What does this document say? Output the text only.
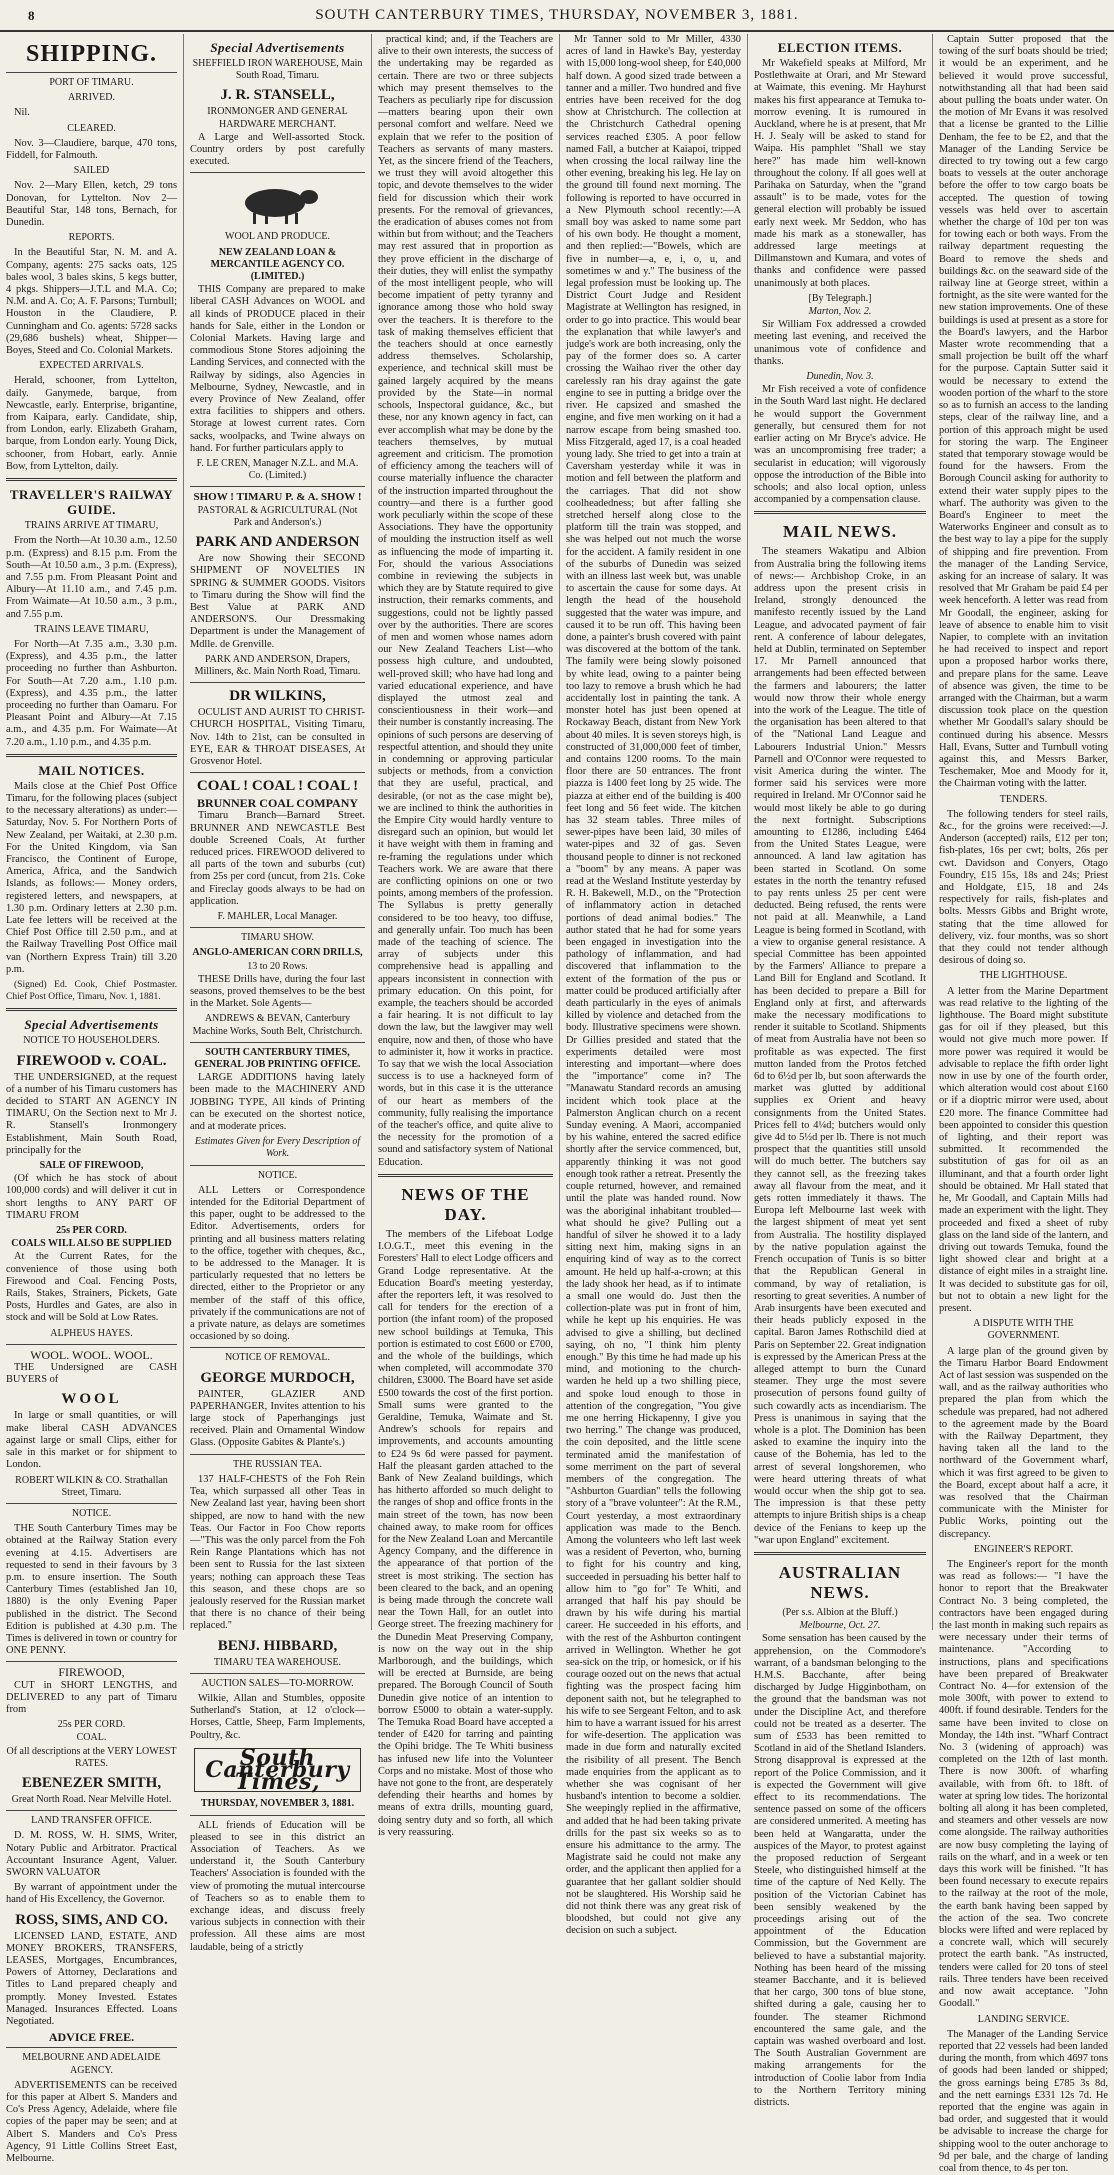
8	SOUTH CANTERBURY TIMES, THURSDAY, NOVEMBER 3, 1881.
SHIPPING.
PORT OF TIMARU.
ARRIVED.

Nil.

CLEARED.

Nov. 3—Claudiere, barque, 470 tons, Fiddell, for Falmouth.

SAILED

Nov. 2—Mary Ellen, ketch, 29 tons Donovan, for Lyttelton. Nov 2—Beautiful Star, 148 tons, Bernach, for Dunedin.

REPORTS.

In the Beautiful Star, N. M. and A. Company, agents: 275 sacks oats, 125 bales wool, 3 bales skins, 5 kegs butter, 4 pkgs. Shippers—J.T.L and M.A. Co; N.M. and A. Co; A. F. Parsons; Turnbull; Houston in the Claudiere, P. Cunningham and Co. agents: 5728 sacks (29,686 bushels) wheat, Shipper—Boyes, Steed and Co. Colonial Markets.

EXPECTED ARRIVALS.

Herald, schooner, from Lyttelton, daily. Ganymede, barque, from Newcastle, early. Enterprise, brigantine, from Kaipara, early. Candidate, ship, from London, early. Elizabeth Graham, barque, from London early. Young Dick, schooner, from Hobart, early. Annie Bow, from Lyttelton, daily.

TRAVELLER'S RAILWAY GUIDE.
TRAINS ARRIVE AT TIMARU,

From the North—At 10.30 a.m., 12.50 p.m. (Express) and 8.15 p.m. From the South—At 10.50 a.m., 3 p.m. (Express), and 7.55 p.m. From Pleasant Point and Albury—At 11.10 a.m., and 7.45 p.m. From Waimate—At 10.50 a.m., 3 p.m., and 7.55 p.m.

TRAINS LEAVE TIMARU,

For North—At 7.35 a.m., 3.30 p.m. (Express), and 4.35 p.m., the latter proceeding no further than Ashburton. For South—At 7.20 a.m., 1.10 p.m. (Express), and 4.35 p.m., the latter proceeding no further than Oamaru. For Pleasant Point and Albury—At 7.15 a.m., and 4.35 p.m. For Waimate—At 7.20 a.m., 1.10 p.m., and 4.35 p.m.

MAIL NOTICES.

Mails close at the Chief Post Office Timaru, for the following places (subject to the necessary alterations) as under:— Saturday, Nov. 5. For Northern Ports of New Zealand, per Waitaki, at 2.30 p.m. For the United Kingdom, via San Francisco, the Continent of Europe, America, Africa, and the Sandwich Islands, as follows:— Money orders, registered letters, and newspapers, at 1.30 p.m. Ordinary letters at 2.30 p.m. Late fee letters will be received at the Chief Post Office till 2.50 p.m., and at the Railway Travelling Post Office mail van (Northern Express Train) till 3.20 p.m.

(Signed) Ed. Cook, Chief Postmaster. Chief Post Office, Timaru, Nov. 1, 1881.

Special Advertisements
NOTICE TO HOUSEHOLDERS.
FIREWOOD v. COAL.

THE UNDERSIGNED, at the request of a number of his Timaru customers has decided to START AN AGENCY IN TIMARU, On the Section next to Mr J. R. Stansell's Ironmongery Establishment, Main South Road, principally for the

SALE OF FIREWOOD,

(Of which he has stock of about 100,000 cords) and will deliver it cut in short lengths to ANY PART OF TIMARU FROM

25s PER CORD.
COALS WILL ALSO BE SUPPLIED

At the Current Rates, for the convenience of those using both Firewood and Coal. Fencing Posts, Rails, Stakes, Strainers, Pickets, Gate Posts, Hurdles and Gates, are also in stock and will be Sold at Low Rates.

ALPHEUS HAYES.
WOOL. WOOL. WOOL.

THE Undersigned are CASH BUYERS of

WOOL

In large or small quantities, or will make liberal CASH ADVANCES against large or small Clips, either for sale in this market or for shipment to London.

ROBERT WILKIN & CO. Strathallan Street, Timaru.
NOTICE.

THE South Canterbury Times may be obtained at the Railway Station every evening at 4.15. Advertisers are requested to send in their favours by 3 p.m. to ensure insertion. The South Canterbury Times (established Jan 10, 1880) is the only Evening Paper published in the district. The Second Edition is published at 4.30 p.m. The Times is delivered in town or country for ONE PENNY.

FIREWOOD,

CUT in SHORT LENGTHS, and DELIVERED to any part of Timaru from

25s PER CORD.
COAL.
Of all descriptions at the VERY LOWEST RATES.
EBENEZER SMITH,
Great North Road. Near Melville Hotel.
LAND TRANSFER OFFICE.

D. M. ROSS, W. H. SIMS, Writer, Notary Public and Arbitrator. Practical Accountant Insurance Agent, Valuer. SWORN VALUATOR

By warrant of appointment under the hand of His Excellency, the Governor.

ROSS, SIMS, AND CO.

LICENSED LAND, ESTATE, AND MONEY BROKERS, TRANSFERS, LEASES, Mortgages, Encumbrances, Powers of Attorney, Declarations and Titles to Land prepared cheaply and promptly. Money Invested. Estates Managed. Insurances Effected. Loans Negotiated.

ADVICE FREE.
MELBOURNE AND ADELAIDE AGENCY.

ADVERTISEMENTS can be received for this paper at Albert S. Manders and Co's Press Agency, Adelaide, where file copies of the paper may be seen; and at Albert S. Manders and Co's Press Agency, 91 Little Collins Street East, Melbourne.

Special Advertisements
SHEFFIELD IRON WAREHOUSE, Main South Road, Timaru.
J. R. STANSELL,
IRONMONGER AND GENERAL HARDWARE MERCHANT.

A Large and Well-assorted Stock. Country orders by post carefully executed.

WOOL AND PRODUCE.
NEW ZEALAND LOAN & MERCANTILE AGENCY CO. (LIMITED.)

THIS Company are prepared to make liberal CASH Advances on WOOL and all kinds of PRODUCE placed in their hands for Sale, either in the London or Colonial Markets. Having large and commodious Stone Stores adjoining the Landing Services, and connected with the Railway by sidings, also Agencies in Melbourne, Sydney, Newcastle, and in every Province of New Zealand, offer extra facilities to shippers and others. Storage at lowest current rates. Corn sacks, woolpacks, and Twine always on hand. For further particulars apply to

F. LE CREN, Manager N.Z.L. and M.A. Co. (Limited.)
SHOW ! TIMARU P. & A. SHOW !
PASTORAL & AGRICULTURAL (Not Park and Anderson's.)
PARK AND ANDERSON

Are now Showing their SECOND SHIPMENT OF NOVELTIES IN SPRING & SUMMER GOODS. Visitors to Timaru during the Show will find the Best Value at PARK AND ANDERSON'S. Our Dressmaking Department is under the Management of Mdlle. de Grenville.

PARK AND ANDERSON, Drapers, Milliners, &c. Main North Road, Timaru.
DR WILKINS,

OCULIST AND AURIST TO CHRIST-CHURCH HOSPITAL, Visiting Timaru, Nov. 14th to 21st, can be consulted in EYE, EAR & THROAT DISEASES, At Grosvenor Hotel.

COAL ! COAL ! COAL !
BRUNNER COAL COMPANY

Timaru Branch—Barnard Street. BRUNNER AND NEWCASTLE Best double Screened Coals, At further reduced prices. FIREWOOD delivered to all parts of the town and suburbs (cut) from 25s per cord (uncut, from 21s. Coke and Fireclay goods always to be had on application.

F. MAHLER, Local Manager.
TIMARU SHOW.
ANGLO-AMERICAN CORN DRILLS,
13 to 20 Rows.

THESE Drills have, during the four last seasons, proved themselves to be the best in the Market. Sole Agents—

ANDREWS & BEVAN, Canterbury Machine Works, South Belt, Christchurch.
SOUTH CANTERBURY TIMES, GENERAL JOB PRINTING OFFICE.

LARGE ADDITIONS having lately been made to the MACHINERY AND JOBBING TYPE, All kinds of Printing can be executed on the shortest notice, and at moderate prices.

Estimates Given for Every Description of Work.
NOTICE.

ALL Letters or Correspondence intended for the Editorial Department of this paper, ought to be addressed to the Editor. Advertisements, orders for printing and all business matters relating to the office, together with cheques, &c., to be addressed to the Manager. It is particularly requested that no letters be directed, either to the Proprietor or any member of the staff of this office, privately if the communications are not of a private nature, as delays are sometimes occasioned by so doing.

NOTICE OF REMOVAL.
GEORGE MURDOCH,

PAINTER, GLAZIER AND PAPERHANGER, Invites attention to his large stock of Paperhangings just received. Plain and Ornamental Window Glass. (Opposite Gabites & Plante's.)

THE RUSSIAN TEA.

137 HALF-CHESTS of the Foh Rein Tea, which surpassed all other Teas in New Zealand last year, having been short shipped, are now to hand with the new Teas. Our Factor in Foo Chow reports—"This was the only parcel from the Foh Rein Range Plantations which has not been sent to Russia for the last sixteen years; nothing can approach these Teas this season, and these chops are so jealously reserved for the Russian market that there is no chance of their being replaced."

BENJ. HIBBARD,
TIMARU TEA WAREHOUSE.
AUCTION SALES—TO-MORROW.

Wilkie, Allan and Stumbles, opposite Sutherland's Station, at 12 o'clock—Horses, Cattle, Sheep, Farm Implements, Poultry, &c.

South Canterbury Times,
THURSDAY, NOVEMBER 3, 1881.

ALL friends of Education will be pleased to see in this district an Association of Teachers. As we understand it, the South Canterbury Teachers' Association is founded with the view of promoting the mutual intercourse of Teachers so as to enable them to exchange ideas, and discuss freely various subjects in connection with their profession. All these aims are most laudable, being of a strictly

practical kind; and, if the Teachers are alive to their own interests, the success of the undertaking may be regarded as certain. There are two or three subjects which may present themselves to the Teachers as peculiarly ripe for discussion—matters bearing upon their own personal comfort and welfare. Need we explain that we refer to the position of Teachers as servants of many masters. Yet, as the sincere friend of the Teachers, we trust they will avoid altogether this topic, and devote themselves to the wider field for discussion which their work presents. For the removal of grievances, the eradication of abuses comes not from within but from without; and the Teachers may rest assured that in proportion as they prove efficient in the discharge of their duties, they will enlist the sympathy of the most intelligent people, who will become impatient of petty tyranny and ignorance among those who hold sway over the teachers. It is therefore to the task of making themselves efficient that the teachers should at once earnestly address themselves. Scholarship, experience, and technical skill must be gained largely acquired by the means provided by the State—in normal schools, Inspectoral guidance, &c., but these, nor any known agency in fact, can ever accomplish what may be done by the teachers themselves, by mutual agreement and criticism. The promotion of efficiency among the teachers will of course materially influence the character of the instruction imparted throughout the country—and there is a further good work peculiarly within the scope of these Associations. They have the opportunity of moulding the instruction itself as well as influencing the mode of imparting it. For, should the various Associations combine in reviewing the subjects in which they are by Statute required to give instruction, their remarks comments, and suggestions, could not be lightly passed over by the authorities. There are scores of men and women whose names adorn our New Zealand Teachers List—who possess high culture, and undoubted, well-proved skill; who have had long and varied educational experience, and have displayed the utmost zeal and conscientiousness in their work—and their number is constantly increasing. The opinions of such persons are deserving of respectful attention, and should they unite in condemning or approving particular subjects or methods, from a conviction that they are useful, practical, and desirable, (or not as the case might be), we are inclined to think the authorities in the Empire City would hardly venture to disregard such an opinion, but would let it have weight with them in framing and re-framing the regulations under which Teachers work. We are aware that there are conflicting opinions on one or two points, among members of the profession. The Syllabus is pretty generally considered to be too heavy, too diffuse, and generally unfair. Too much has been made of the teaching of science. The array of subjects under this comprehensive head is appalling and appears inconsistent in connection with primary education. On this point, for example, the teachers should be accorded a fair hearing. It is not difficult to lay down the law, but the lawgiver may well enquire, now and then, of those who have to administer it, how it works in practice. To say that we wish the local Association success is to use a hackneyed form of words, but in this case it is the utterance of our heart as members of the community, fully realising the importance of the teacher's office, and quite alive to the necessity for the promotion of a sound and satisfactory system of National Education.

NEWS OF THE DAY.

The members of the Lifeboat Lodge I.O.G.T., meet this evening in the Foresters' Hall to elect Lodge officers and Grand Lodge representative. At the Education Board's meeting yesterday, after the reporters left, it was resolved to call for tenders for the erection of a portion (the infant room) of the proposed new school buildings at Temuka, This portion is estimated to cost £600 or £700, and the whole of the buildings, which when completed, will accommodate 370 children, £3000. The Board have set aside £500 towards the cost of the first portion. Small sums were granted to the Geraldine, Temuka, Waimate and St. Andrew's schools for repairs and improvements, and accounts amounting to £24 9s 6d were passed for payment. Half the pleasant garden attached to the Bank of New Zealand buildings, which has hitherto afforded so much delight to the ranges of shop and office fronts in the main street of the town, has now been chained away, to make room for offices for the New Zealand Loan and Mercantile Agency Company, and the difference in the appearance of that portion of the street is most striking. The section has been cleared to the back, and an opening is being made through the concrete wall near the Town Hall, for an outlet into George street. The freezing machinery for the Dunedin Meat Preserving Company, is now on the way out in the ship Marlborough, and the buildings, which will be erected at Burnside, are being prepared. The Borough Council of South Dunedin give notice of an intention to borrow £5000 to obtain a water-supply. The Temuka Road Board have accepted a tender of £420 for tarring and painting the Opihi bridge. The Te Whiti business has infused new life into the Volunteer Corps and no mistake. Most of those who have not gone to the front, are desperately defending their hearths and homes by means of extra drills, mounting guard, doing sentry duty and so forth, all which is very reassuring.

Mr Tanner sold to Mr Miller, 4330 acres of land in Hawke's Bay, yesterday with 15,000 long-wool sheep, for £40,000 half down. A good sized trade between a tanner and a miller. Two hundred and five entries have been received for the dog show at Christchurch. The collection at the Christchurch Cathedral opening services reached £305. A poor fellow named Fall, a butcher at Kaiapoi, tripped when crossing the local railway line the other evening, breaking his leg. He lay on the ground till found next morning. The following is reported to have occurred in a New Plymouth school recently:—A small boy was asked to name some part of his own body. He thought a moment, and then replied:—"Bowels, which are five in number—a, e, i, o, u, and sometimes w and y." The business of the legal profession must be looking up. The District Court Judge and Resident Magistrate at Wellington has resigned, in order to go into practice. This would bear the explanation that while lawyer's and judge's work are both increasing, only the pay of the former does so. A carter crossing the Waihao river the other day carelessly ran his dray against the gate engine to see in putting a bridge over the river. He capsized and smashed the engine, and five men working on it had a narrow escape from being smashed too. Miss Fitzgerald, aged 17, is a coal headed young lady. She tried to get into a train at Caversham yesterday while it was in motion and fell between the platform and the carriages. That did not show coolheadedness; but after falling she stretched herself along close to the platform till the train was stopped, and she was helped out not much the worse for the accident. A family resident in one of the suburbs of Dunedin was seized with an illness last week but, was unable to ascertain the cause for some days. At length the head of the household suggested that the water was impure, and caused it to be run off. This having been done, a painter's brush covered with paint was discovered at the bottom of the tank. The family were being slowly poisoned by white lead, owing to a painter being too lazy to remove a brush which he had accidentally lost in painting the tank. A monster hotel has just been opened at Rockaway Beach, distant from New York about 40 miles. It is seven storeys high, is constructed of 31,000,000 feet of timber, and contains 1200 rooms. To the main floor there are 50 entrances. The front piazza is 1400 feet long by 25 wide. The piazza at either end of the building is 400 feet long and 56 feet wide. The kitchen has 32 steam tables. Three miles of sewer-pipes have been laid, 30 miles of water-pipes and 32 of gas. Seven thousand people to dinner is not reckoned a "boom" by any means. A paper was read at the Wesland Institute yesterday by R. H. Bakewell, M.D., on the "Protection of inflammatory action in detached portions of dead animal bodies." The author stated that he had for some years been engaged in investigation into the pathology of inflammation, and had discovered that inflammation to the extent of the formation of the pus or matter could be produced artificially after death particularly in the eyes of animals killed by violence and detached from the body. Illustrative specimens were shown. Dr Gillies presided and stated that the experiments detailed were most interesting and important—where does the "importance" come in? The "Manawatu Standard records an amusing incident which took place at the Palmerston Anglican church on a recent Sunday evening. A Maori, accompanied by his wahine, entered the sacred edifice shortly after the service commenced, but, apparently thinking it was not good enough took rather a retreat. Presently the couple returned, however, and remained until the plate was handed round. Now was the aboriginal inhabitant troubled—what should he give? Pulling out a handful of silver he showed it to a lady sitting next him, making signs in an enquiring kind of way as to the correct amount. He held up half-a-crown; at this the lady shook her head, as if to intimate a small one would do. Just then the collection-plate was put in front of him, while he kept up his enquiries. He was advised to give a shilling, but declined saying, oh no, "I think him plenty enough." By this time he had made up his mind, and motioning to the church-warden he held up a two shilling piece, and spoke loud enough to those in attention of the congregation, "You give me one herring Hickapenny, I give you two herring." The change was produced, the coin deposited, and the little scene terminated amid the manifestation of some merriment on the part of several members of the congregation. The "Ashburton Guardian" tells the following story of a "brave volunteer": At the R.M., Court yesterday, a most extraordinary application was made to the Bench. Among the volunteers who left last week was a resident of Peverton, who, burning to fight for his country and king, succeeded in persuading his better half to allow him to "go for" Te Whiti, and arranged that half his pay should be drawn by his wife during his martial career. He succeeded in his efforts, and with the rest of the Ashburton contingent arrived in Wellington. Whether he got sea-sick on the trip, or homesick, or if his courage oozed out on the news that actual fighting was the prospect facing him deponent saith not, but he telegraphed to his wife to see Sergeant Felton, and to ask him to have a warrant issued for his arrest for wife-desertion. The application was made in due form and naturally excited the risibility of all present. The Bench made enquiries from the applicant as to whether she was cognisant of her husband's intention to become a soldier. She weepingly replied in the affirmative, and added that he had been taking private drills for the past six weeks so as to ensure his admittance to the army. The Magistrate said he could not make any order, and the applicant then applied for a guarantee that her gallant soldier should not be slaughtered. His Worship said he did not think there was any great risk of bloodshed, but could not give any decision on such a subject.

ELECTION ITEMS.

Mr Wakefield speaks at Milford, Mr Postlethwaite at Orari, and Mr Steward at Waimate, this evening. Mr Hayhurst makes his first appearance at Temuka to-morrow evening. It is rumoured in Auckland, where he is at present, that Mr H. J. Sealy will be asked to stand for Waipa. His pamphlet "Shall we stay here?" has made him well-known throughout the colony. If all goes well at Parihaka on Saturday, when the "grand assault" is to be made, votes for the general election will probably be issued early next week. Mr Seddon, who has made his mark as a stonewaller, has addressed large meetings at Dillmanstown and Kumara, and votes of thanks and confidence were passed unanimously at both places.

[By Telegraph.]
Marton, Nov. 2.

Sir William Fox addressed a crowded meeting last evening, and received the unanimous vote of confidence and thanks.

Dunedin, Nov. 3.

Mr Fish received a vote of confidence in the South Ward last night. He declared he would support the Government generally, but censured them for not earlier acting on Mr Bryce's advice. He was an uncompromising free trader; a secularist in education; will vigorously oppose the introduction of the Bible into schools; and also local option, unless accompanied by a compensation clause.

MAIL NEWS.

The steamers Wakatipu and Albion from Australia bring the following items of news:— Archbishop Croke, in an address upon the present crisis in Ireland, strongly denounced the manifesto recently issued by the Land League, and advocated payment of fair rent. A conference of labour delegates, held at Dublin, terminated on September 17. Mr Parnell announced that arrangements had been effected between the farmers and labourers; the latter would now throw their whole energy into the work of the League. The title of the organisation has been altered to that of the "National Land League and Labourers Industrial Union." Messrs Parnell and O'Connor were requested to visit America during the winter. The former said his services were more required in Ireland. Mr O'Connor said he would most likely be able to go during the next fortnight. Subscriptions amounting to £1286, including £464 from the United States League, were announced. A land law agitation has been started in Scotland. On some estates in the north the tenantry refused to pay rents unless 25 per cent were deducted. Being refused, the rents were not paid at all. Meanwhile, a Land League is being formed in Scotland, with a view to organise general resistance. A special Committee has been appointed by the Farmers' Alliance to prepare a Land Bill for England and Scotland. It has been decided to prepare a Bill for England only at first, and afterwards make the necessary modifications to render it suitable to Scotland. Shipments of meat from Australia have not been so profitable as was expected. The first mutton landed from the Protos fetched 6d to 6½d per lb, but soon afterwards the market was glutted by additional supplies ex Orient and heavy consignments from the United States. Prices fell to 4¼d; butchers would only give 4d to 5½d per lb. There is not much prospect that the quantities still unsold will do much better. The butchers say they cannot sell, as the freezing takes away all flavour from the meat, and it gets rotten immediately it thaws. The Europa left Melbourne last week with the largest shipment of meat yet sent from Australia. The hostility displayed by the native population against the French occupation of Tunis is so bitter that the Republican General in command, by way of retaliation, is resorting to great severities. A number of Arab insurgents have been executed and their heads publicly exposed in the capital. Baron James Rothschild died at Paris on September 22. Great indignation is expressed by the American Press at the alleged attempt to burn the Cunard steamer. They urge the most severe prosecution of persons found guilty of such cowardly acts as incendiarism. The Press is unanimous in saying that the whole is a plot. The Dominion has been asked to examine the inquiry into the cause of the Bohemia, has led to the arrest of several longshoremen, who were heard uttering threats of what would occur when the ship got to sea. The impression is that these petty attempts to injure British ships is a cheap device of the Fenians to keep up the "war upon England" excitement.

AUSTRALIAN NEWS.
(Per s.s. Albion at the Bluff.)
Melbourne, Oct. 27.

Some sensation has been caused by the apprehension, on the Commodore's warrant, of a bandsman belonging to the H.M.S. Bacchante, after being discharged by Judge Higginbotham, on the ground that the bandsman was not under the Discipline Act, and therefore could not be treated as a deserter. The sum of £533 has been remitted to Scotland in aid of the Shetland Islanders. Strong disapproval is expressed at the report of the Police Commission, and it is expected the Government will give effect to its recommendations. The sentence passed on some of the officers are considered unmerited. A meeting has been held at Wangaratta, under the auspices of the Mayor, to protest against the proposed reduction of Sergeant Steele, who distinguished himself at the time of the capture of Ned Kelly. The position of the Victorian Cabinet has been sensibly weakened by the proceedings arising out of the appointment of the Education Commission, but the Government are believed to have a substantial majority. Nothing has been heard of the missing steamer Bacchante, and it is believed that her cargo, 300 tons of blue stone, shifted during a gale, causing her to founder. The steamer Richmond encountered the same gale, and the captain was washed overboard and lost. The South Australian Government are making arrangements for the introduction of Coolie labor from India to the Northern Territory mining districts.

Captain Sutter proposed that the towing of the surf boats should be tried; it would be an experiment, and he believed it would prove successful, notwithstanding all that had been said about pulling the boats under water. On the motion of Mr Evans it was resolved that a license be granted to the Lillie Denham, the fee to be £2, and that the Manager of the Landing Service be directed to try towing out a few cargo boats to vessels at the outer anchorage before the offer to tow cargo boats be accepted. The question of towing vessels was held over to ascertain whether the charge of 10d per ton was for towing each or both ways. From the railway department requesting the Board to remove the sheds and buildings &c. on the seaward side of the railway line at George street, within a fortnight, as the site were wanted for the new station improvements. One of these buildings is used at present as a store for the Board's lawyers, and the Harbor Master wrote recommending that a small projection be built off the wharf for the purpose. Captain Sutter said it would be necessary to extend the wooden portion of the wharf to the store so as to furnish an access to the landing steps, clear of the railway line, and a portion of this approach might be used for storing the warp. The Engineer stated that temporary stowage would be found for the hawsers. From the Borough Council asking for authority to extend their water supply pipes to the wharf. The authority was given to the Board's Engineer to meet the Waterworks Engineer and consult as to the best way to lay a pipe for the supply of shipping and fire prevention. From the manager of the Landing Service, asking for an increase of salary. It was resolved that Mr Graham be paid £4 per week henceforth. A letter was read from Mr Goodall, the engineer, asking for leave of absence to enable him to visit Napier, to complete with an invitation he had received to inspect and report upon a proposed harbor works there, and prepare plans for the same. Leave of absence was given, the time to be arranged with the Chairman, but a warm discussion took place on the question whether Mr Goodall's salary should be continued during his absence. Messrs Hall, Evans, Sutter and Turnbull voting against this, and Messrs Barker, Teschemaker, Moe and Moody for it, the Chairman voting with the latter.

TENDERS.

The following tenders for steel rails, &c., for the groins were received:—J. Anderson (accepted) rails, £12 per ton; fish-plates, 16s per cwt; bolts, 26s per cwt. Davidson and Conyers, Otago Foundry, £15 15s, 18s and 24s; Priest and Holdgate, £15, 18 and 24s respectively for rails, fish-plates and bolts. Messrs Gibbs and Bright wrote, stating that the time allowed for delivery, viz. four months, was so short that they could not tender although desirous of doing so.

THE LIGHTHOUSE.

A letter from the Marine Department was read relative to the lighting of the lighthouse. The Board might substitute gas for oil if they pleased, but this would not give much more power. If more power was required it would be advisable to replace the fifth order light now in use by one of the fourth order, which alteration would cost about £160 or if a dioptric mirror were used, about £20 more. The finance Committee had been appointed to consider this question of lighting, and their report was submitted. It recommended the substitution of gas for oil as an illuminant, and that a fourth order light should be obtained. Mr Hall stated that he, Mr Goodall, and Captain Mills had made an experiment with the light. They proceeded and fixed a sheet of ruby glass on the land side of the lantern, and driving out towards Temuka, found the light showed clear and bright at a distance of eight miles in a straight line. It was decided to substitute gas for oil, but not to obtain a new light for the present.

A DISPUTE WITH THE GOVERNMENT.

A large plan of the ground given by the Timaru Harbor Board Endowment Act of last session was suspended on the wall, and as the railway authorities who prepared the plan from which the schedule was prepared, had not adhered to the agreement made by the Board with the Railway Department, they having taken all the land to the northward of the Government wharf, which it was first agreed to be given to the Board, except about half a acre, it was resolved that the Chairman communicate with the Minister for Public Works, pointing out the discrepancy.

ENGINEER'S REPORT.

The Engineer's report for the month was read as follows:— "I have the honor to report that the Breakwater Contract No. 3 being completed, the contractors have been engaged during the last month in making such repairs as were necessary under their terms of maintenance. "According to instructions, plans and specifications have been prepared of Breakwater Contract No. 4—for extension of the mole 300ft, with power to extend to 400ft. if found desirable. Tenders for the same have been invited to close on Monday, the 14th inst. "Wharf Contract No. 3 (widening of approach) was completed on the 12th of last month. There is now 300ft. of wharfing available, with from 6ft. to 18ft. of water at spring low tides. The horizontal bolting all along it has been completed, and steamers and other vessels are now come alongside. The railway authorities are now busy completing the laying of rails on the wharf, and in a week or ten days this work will be finished. "It has been found necessary to execute repairs to the railway at the root of the mole, the earth bank having been sapped by the action of the sea. Two concrete blocks were lifted and were replaced by a concrete wall, which will securely protect the earth bank. "As instructed, tenders were called for 20 tons of steel rails. Three tenders have been received and now await acceptance. "John Goodall."

LANDING SERVICE.

The Manager of the Landing Service reported that 22 vessels had been landed during the month, from which 4697 tons of goods had been landed or shipped; the gross earnings being £785 3s 8d, and the nett earnings £331 12s 7d. He reported that the engine was again in bad order, and suggested that it would be advisable to increase the charge for shipping wool to the outer anchorage to 9d per bale, and the charge of landing coal from thence, to 4s per ton.
